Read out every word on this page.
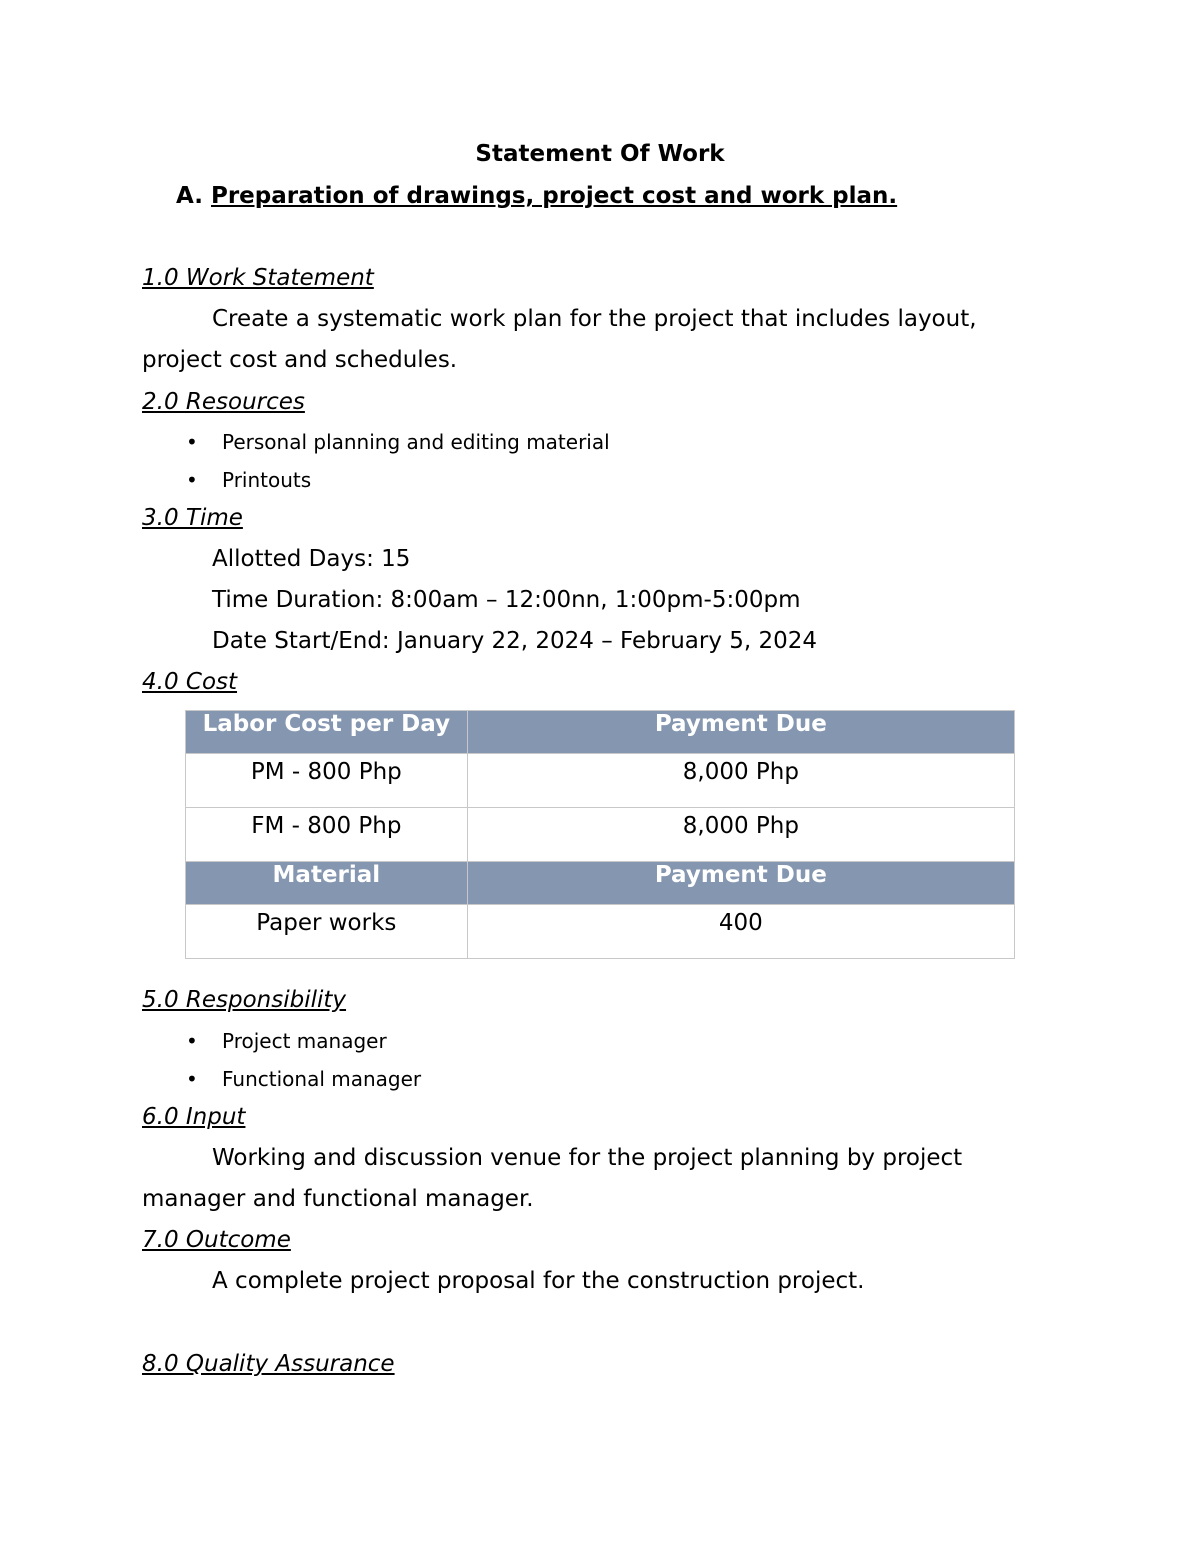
Statement Of Work
A. Preparation of drawings, project cost and work plan.
1.0 Work Statement
Create a systematic work plan for the project that includes layout,
project cost and schedules.
2.0 Resources
• Personal planning and editing material
• Printouts
3.0 Time
Allotted Days: 15
Time Duration: 8:00am – 12:00nn, 1:00pm-5:00pm
Date Start/End: January 22, 2024 – February 5, 2024
4.0 Cost
Labor Cost per Day	Payment Due
PM - 800 Php	8,000 Php
FM - 800 Php	8,000 Php
Material	Payment Due
Paper works	400
5.0 Responsibility
• Project manager
• Functional manager
6.0 Input
Working and discussion venue for the project planning by project
manager and functional manager.
7.0 Outcome
A complete project proposal for the construction project.
8.0 Quality Assurance
